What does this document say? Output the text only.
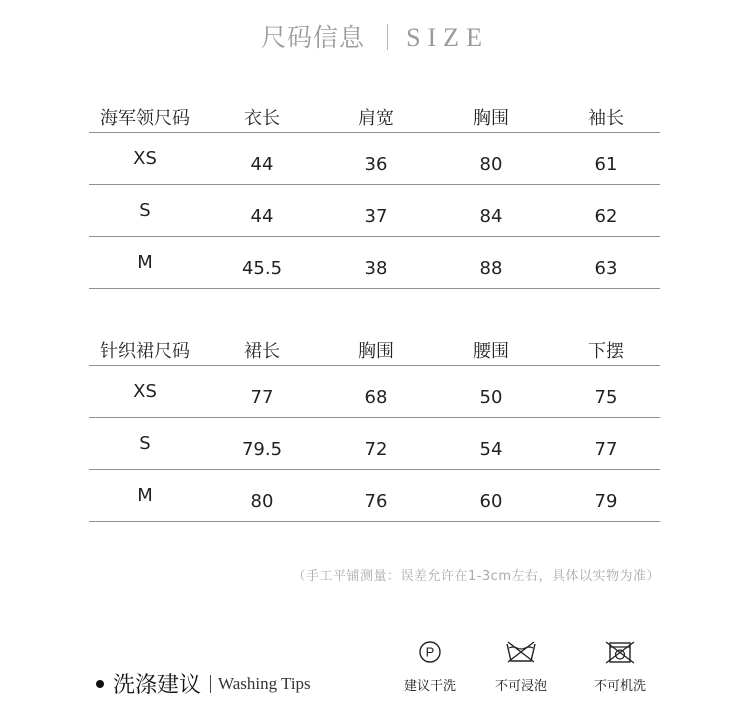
尺码信息 SIZE
海军领尺码	衣长	肩宽	胸围	袖长
XS	44	36	80	61
S	44	37	84	62
M	45.5	38	88	63
针织裙尺码	裙长	胸围	腰围	下摆
XS	77	68	50	75
S	79.5	72	54	77
M	80	76	60	79
（手工平铺测量：误差允许在1-3cm左右，具体以实物为准）
洗涤建议 Washing Tips
P
建议干洗	不可浸泡	不可机洗
